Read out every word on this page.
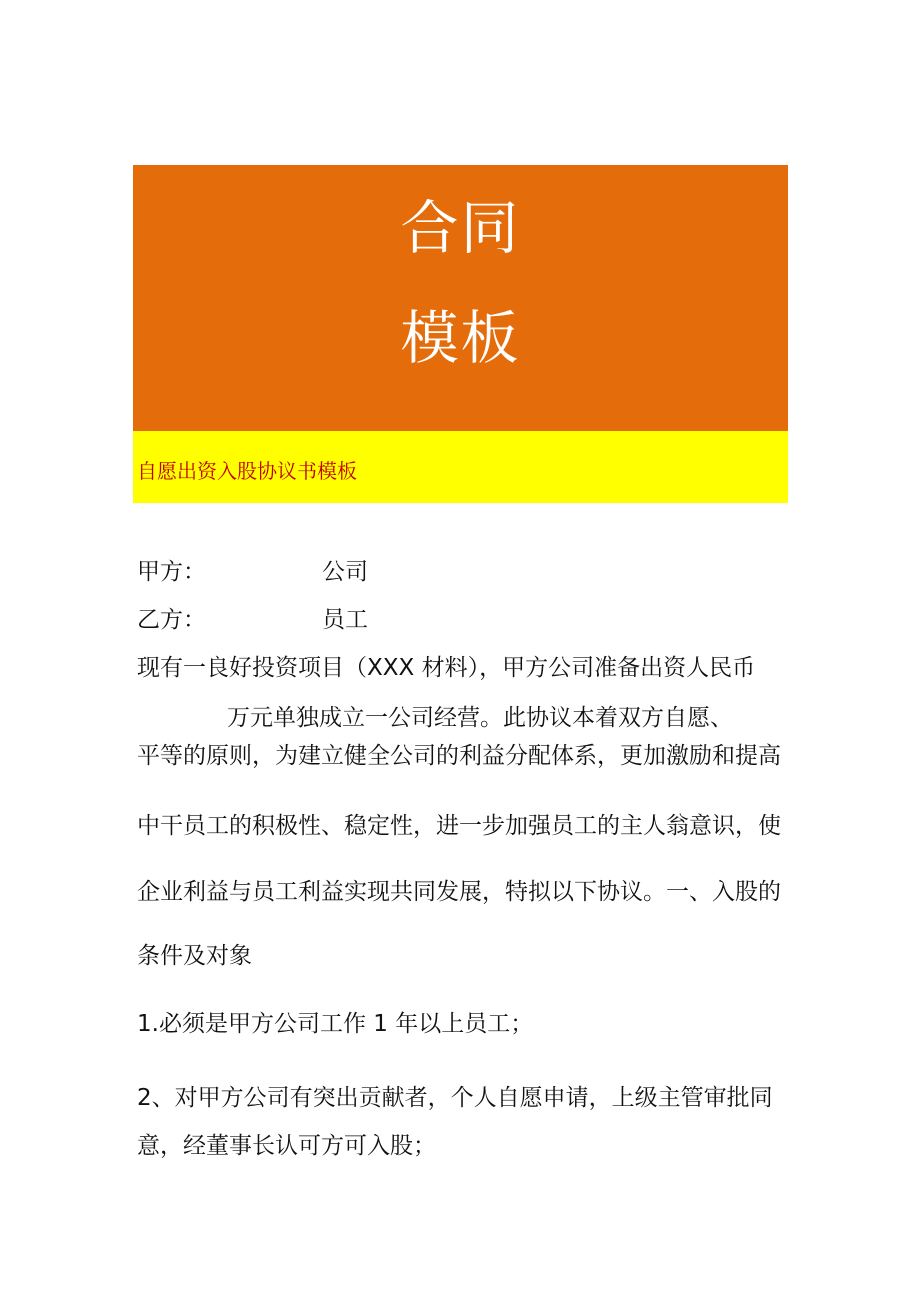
合同
模板
自愿出资入股协议书模板
甲方：	公司
乙方：	员工
现有一良好投资项目（XXX 材料），甲方公司准备出资人民币
万元单独成立一公司经营。此协议本着双方自愿、
平等的原则，为建立健全公司的利益分配体系，更加激励和提高
中干员工的积极性、稳定性，进一步加强员工的主人翁意识，使
企业利益与员工利益实现共同发展，特拟以下协议。一、入股的
条件及对象
1.必须是甲方公司工作 1 年以上员工；
2、对甲方公司有突出贡献者，个人自愿申请，上级主管审批同
意，经董事长认可方可入股；
